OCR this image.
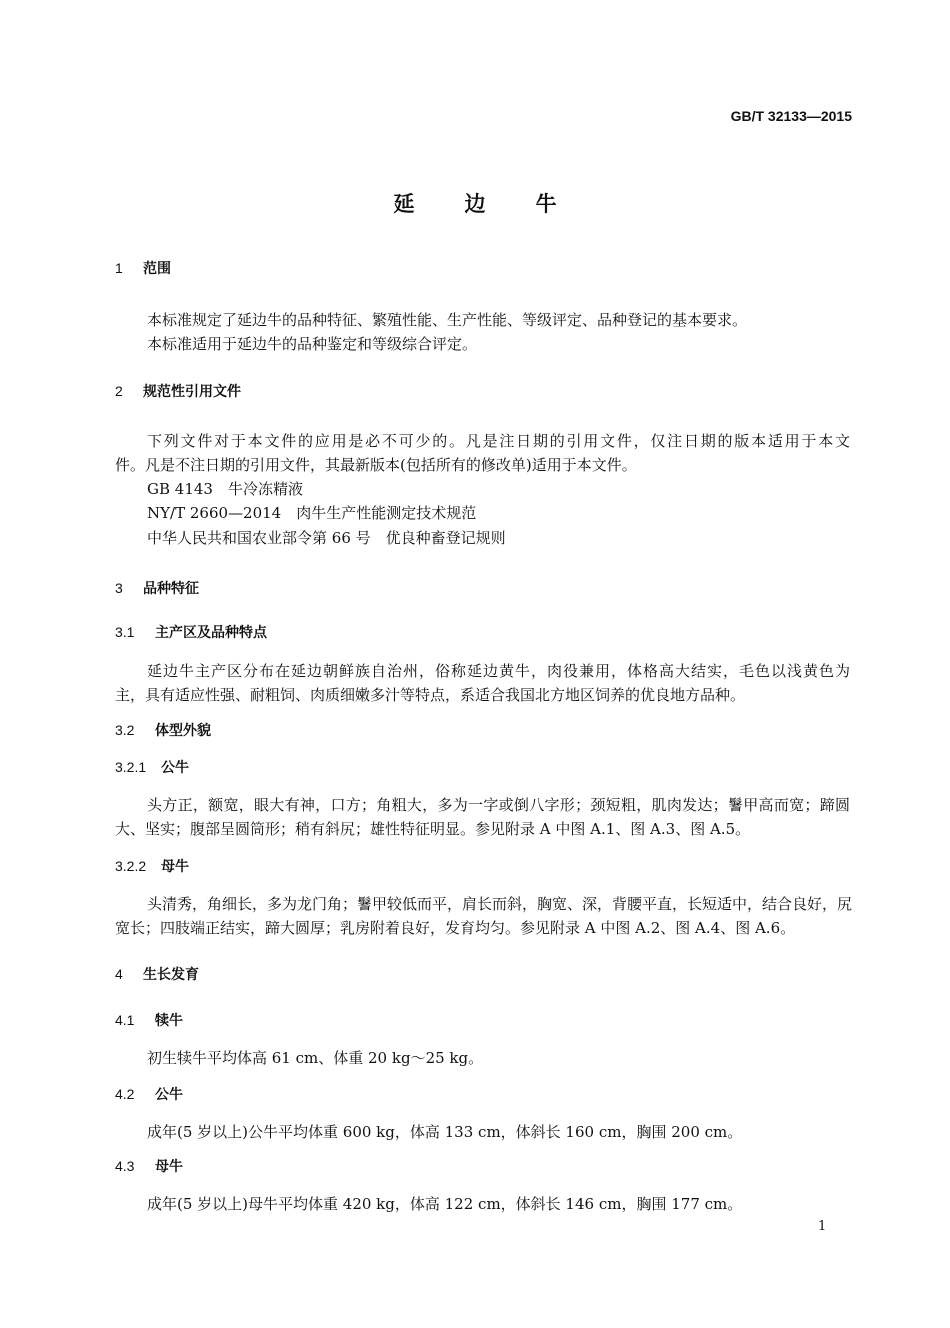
GB/T 32133—2015
延边牛
1 范围
本标准规定了延边牛的品种特征、繁殖性能、生产性能、等级评定、品种登记的基本要求。
本标准适用于延边牛的品种鉴定和等级综合评定。
2 规范性引用文件
下列文件对于本文件的应用是必不可少的。凡是注日期的引用文件，仅注日期的版本适用于本文
件。凡是不注日期的引用文件，其最新版本(包括所有的修改单)适用于本文件。
GB 4143  牛冷冻精液
NY/T 2660—2014  肉牛生产性能测定技术规范
中华人民共和国农业部令第 66 号  优良种畜登记规则
3 品种特征
3.1 主产区及品种特点
延边牛主产区分布在延边朝鲜族自治州，俗称延边黄牛，肉役兼用，体格高大结实，毛色以浅黄色为
主，具有适应性强、耐粗饲、肉质细嫩多汁等特点，系适合我国北方地区饲养的优良地方品种。
3.2 体型外貌
3.2.1 公牛
头方正，额宽，眼大有神，口方；角粗大，多为一字或倒八字形；颈短粗，肌肉发达；鬐甲高而宽；蹄圆
大、坚实；腹部呈圆筒形；稍有斜尻；雄性特征明显。参见附录 A 中图 A.1、图 A.3、图 A.5。
3.2.2 母牛
头清秀，角细长，多为龙门角；鬐甲较低而平，肩长而斜，胸宽、深，背腰平直，长短适中，结合良好，尻
宽长；四肢端正结实，蹄大圆厚；乳房附着良好，发育均匀。参见附录 A 中图 A.2、图 A.4、图 A.6。
4 生长发育
4.1 犊牛
初生犊牛平均体高 61 cm、体重 20 kg～25 kg。
4.2 公牛
成年(5 岁以上)公牛平均体重 600 kg，体高 133 cm，体斜长 160 cm，胸围 200 cm。
4.3 母牛
成年(5 岁以上)母牛平均体重 420 kg，体高 122 cm，体斜长 146 cm，胸围 177 cm。
1
